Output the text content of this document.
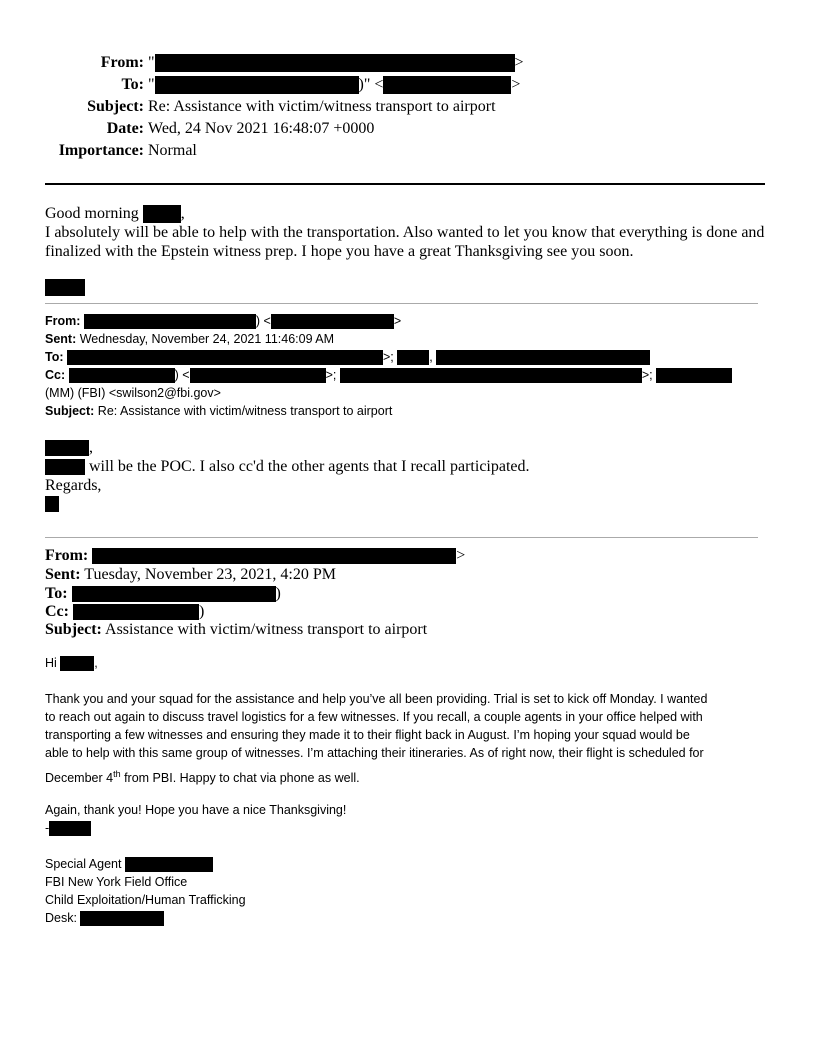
From: "	>
To: "	)" <	>
Subject: Re: Assistance with victim/witness transport to airport
Date: Wed, 24 Nov 2021 16:48:07 +0000
Importance: Normal
Good morning	,
I absolutely will be able to help with the transportation. Also wanted to let you know that everything is done and
finalized with the Epstein witness prep. I hope you have a great Thanksgiving see you soon.
From:	) <	>
Sent: Wednesday, November 24, 2021 11:46:09 AM
To:	>;	,
Cc:	) <	>;	>;
(MM) (FBI) <swilson2@fbi.gov>
Subject: Re: Assistance with victim/witness transport to airport
,
will be the POC. I also cc'd the other agents that I recall participated.
Regards,
From:	>
Sent: Tuesday, November 23, 2021, 4:20 PM
To:	)
Cc:	)
Subject: Assistance with victim/witness transport to airport
Hi	,
Thank you and your squad for the assistance and help you’ve all been providing. Trial is set to kick off Monday. I wanted
to reach out again to discuss travel logistics for a few witnesses. If you recall, a couple agents in your office helped with
transporting a few witnesses and ensuring they made it to their flight back in August. I’m hoping your squad would be
able to help with this same group of witnesses. I’m attaching their itineraries. As of right now, their flight is scheduled for
December 4th from PBI. Happy to chat via phone as well.
Again, thank you! Hope you have a nice Thanksgiving!
-
Special Agent
FBI New York Field Office
Child Exploitation/Human Trafficking
Desk:
